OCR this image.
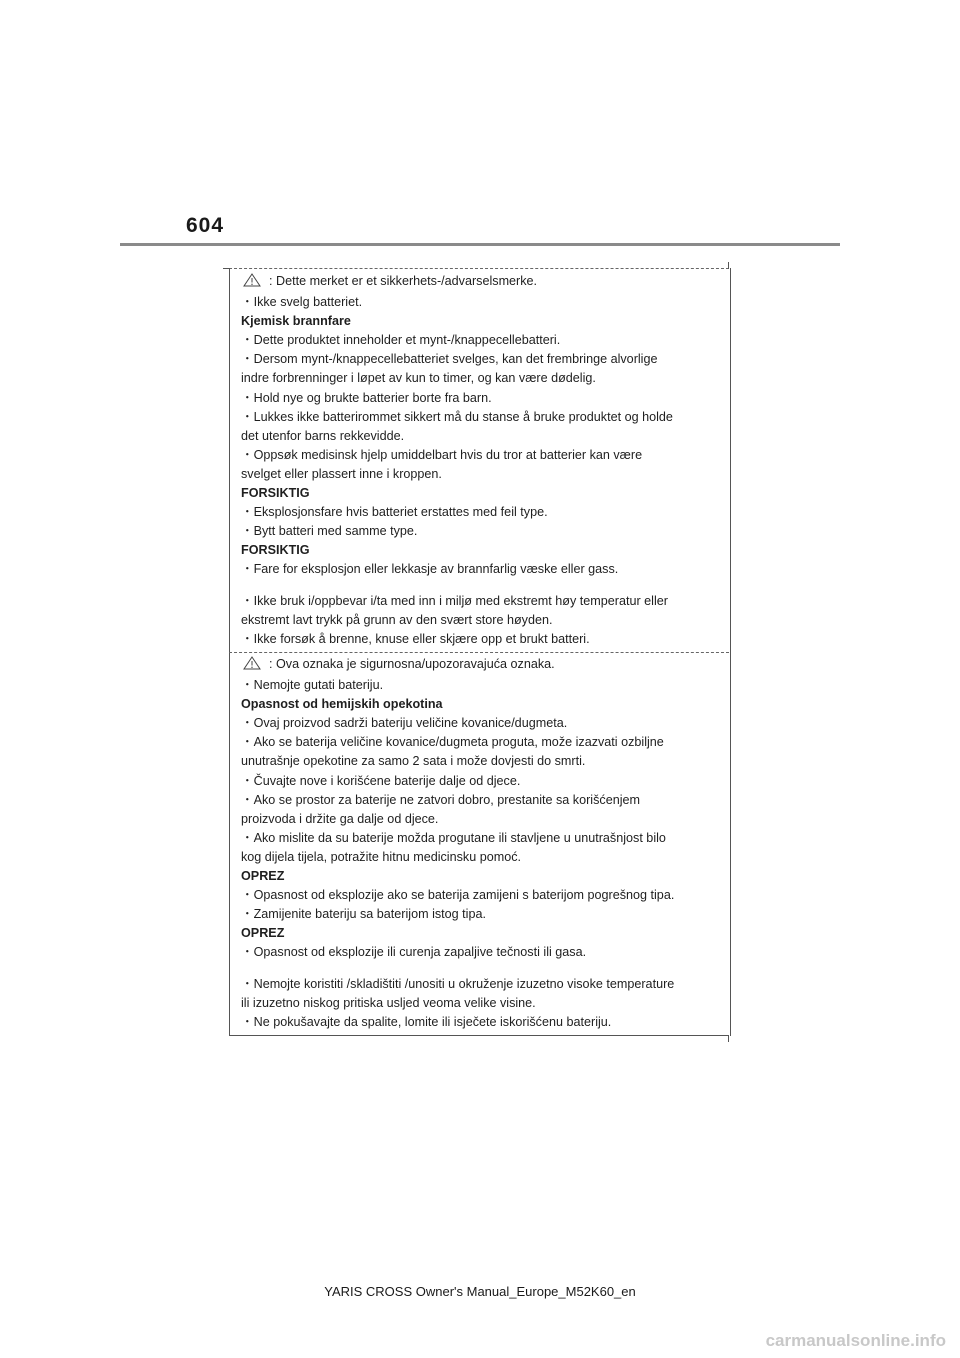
604
: Dette merket er et sikkerhets-/advarselsmerke.
・Ikke svelg batteriet.
Kjemisk brannfare
・Dette produktet inneholder et mynt-/knappecellebatteri.
・Dersom mynt-/knappecellebatteriet svelges, kan det frembringe alvorlige
indre forbrenninger i løpet av kun to timer, og kan være dødelig.
・Hold nye og brukte batterier borte fra barn.
・Lukkes ikke batterirommet sikkert må du stanse å bruke produktet og holde
det utenfor barns rekkevidde.
・Oppsøk medisinsk hjelp umiddelbart hvis du tror at batterier kan være
svelget eller plassert inne i kroppen.
FORSIKTIG
・Eksplosjonsfare hvis batteriet erstattes med feil type.
・Bytt batteri med samme type.
FORSIKTIG
・Fare for eksplosjon eller lekkasje av brannfarlig væske eller gass.
・Ikke bruk i/oppbevar i/ta med inn i miljø med ekstremt høy temperatur eller
ekstremt lavt trykk på grunn av den svært store høyden.
・Ikke forsøk å brenne, knuse eller skjære opp et brukt batteri.
: Ova oznaka je sigurnosna/upozoravajuća oznaka.
・Nemojte gutati bateriju.
Opasnost od hemijskih opekotina
・Ovaj proizvod sadrži bateriju veličine kovanice/dugmeta.
・Ako se baterija veličine kovanice/dugmeta proguta, može izazvati ozbiljne
unutrašnje opekotine za samo 2 sata i može dovjesti do smrti.
・Čuvajte nove i korišćene baterije dalje od djece.
・Ako se prostor za baterije ne zatvori dobro, prestanite sa korišćenjem
proizvoda i držite ga dalje od djece.
・Ako mislite da su baterije možda progutane ili stavljene u unutrašnjost bilo
kog dijela tijela, potražite hitnu medicinsku pomoć.
OPREZ
・Opasnost od eksplozije ako se baterija zamijeni s baterijom pogrešnog tipa.
・Zamijenite bateriju sa baterijom istog tipa.
OPREZ
・Opasnost od eksplozije ili curenja zapaljive tečnosti ili gasa.
・Nemojte koristiti /skladištiti /unositi u okruženje izuzetno visoke temperature
ili izuzetno niskog pritiska usljed veoma velike visine.
・Ne pokušavajte da spalite, lomite ili isječete iskorišćenu bateriju.
YARIS CROSS Owner's Manual_Europe_M52K60_en
carmanualsonline.info
